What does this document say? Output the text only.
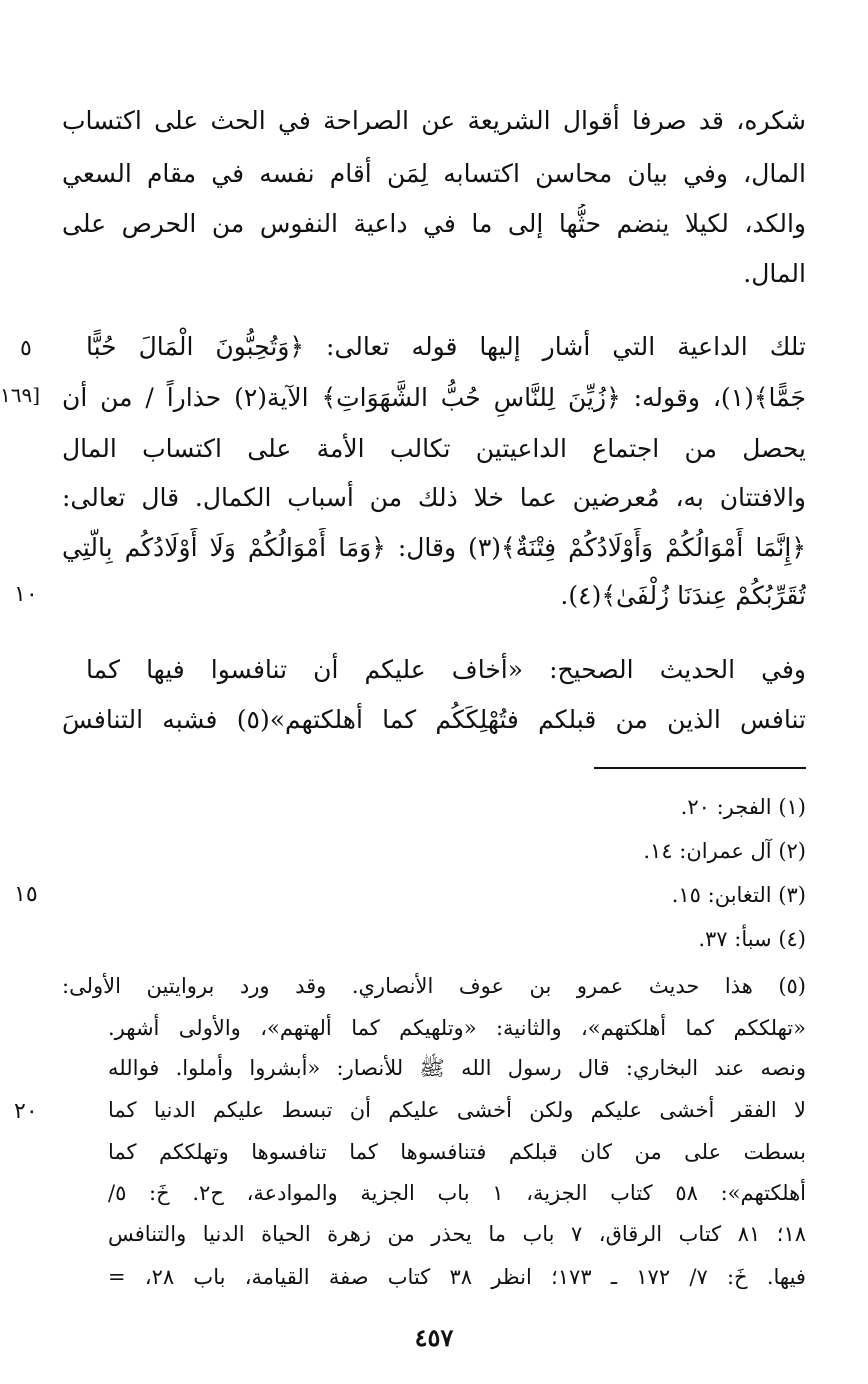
شكره، قد صرفا أقوال الشريعة عن الصراحة في الحث على اكتساب

المال، وفي بيان محاسن اكتسابه لِمَن أقام نفسه في مقام السعي

والكد، لكيلا ينضم حثُّها إلى ما في داعية النفوس من الحرص على

المال.

تلك الداعية التي أشار إليها قوله تعالى: ﴿وَتُحِبُّونَ الْمَالَ حُبًّا

جَمًّا﴾(١)، وقوله: ﴿زُيِّنَ لِلنَّاسِ حُبُّ الشَّهَوَاتِ﴾ الآية(٢) حذاراً / من أن

يحصل من اجتماع الداعيتين تكالب الأمة على اكتساب المال

والافتتان به، مُعرضين عما خلا ذلك من أسباب الكمال. قال تعالى:

﴿إِنَّمَا أَمْوَالُكُمْ وَأَوْلَادُكُمْ فِتْنَةٌ﴾(٣) وقال: ﴿وَمَا أَمْوَالُكُمْ وَلَا أَوْلَادُكُم بِالَّتِي

تُقَرِّبُكُمْ عِندَنَا زُلْفَىٰ﴾(٤).

وفي الحديث الصحيح: «أخاف عليكم أن تنافسوا فيها كما

تنافس الذين من قبلكم فتُهْلِكَكُم كما أهلكتهم»(٥) فشبه التنافسَ

٥
[١٦٩
١٠
١٥
٢٠

(١) الفجر: ٢٠.

(٢) آل عمران: ١٤.

(٣) التغابن: ١٥.

(٤) سبأ: ٣٧.

(٥) هذا حديث عمرو بن عوف الأنصاري. وقد ورد بروايتين الأولى:

«تهلككم كما أهلكتهم»، والثانية: «وتلهيكم كما ألهتهم»، والأولى أشهر.

ونصه عند البخاري: قال رسول الله ﷺ للأنصار: «أبشروا وأملوا. فوالله

لا الفقر أخشى عليكم ولكن أخشى عليكم أن تبسط عليكم الدنيا كما

بسطت على من كان قبلكم فتنافسوها كما تنافسوها وتهلككم كما

أهلكتهم»: ٥٨ كتاب الجزية، ١ باب الجزية والموادعة، ح٢. خَ: ٥/

١٨؛ ٨١ كتاب الرقاق، ٧ باب ما يحذر من زهرة الحياة الدنيا والتنافس

فيها. خَ: ٧/ ١٧٢ ـ ١٧٣؛ انظر ٣٨ كتاب صفة القيامة، باب ٢٨، =

٤٥٧
